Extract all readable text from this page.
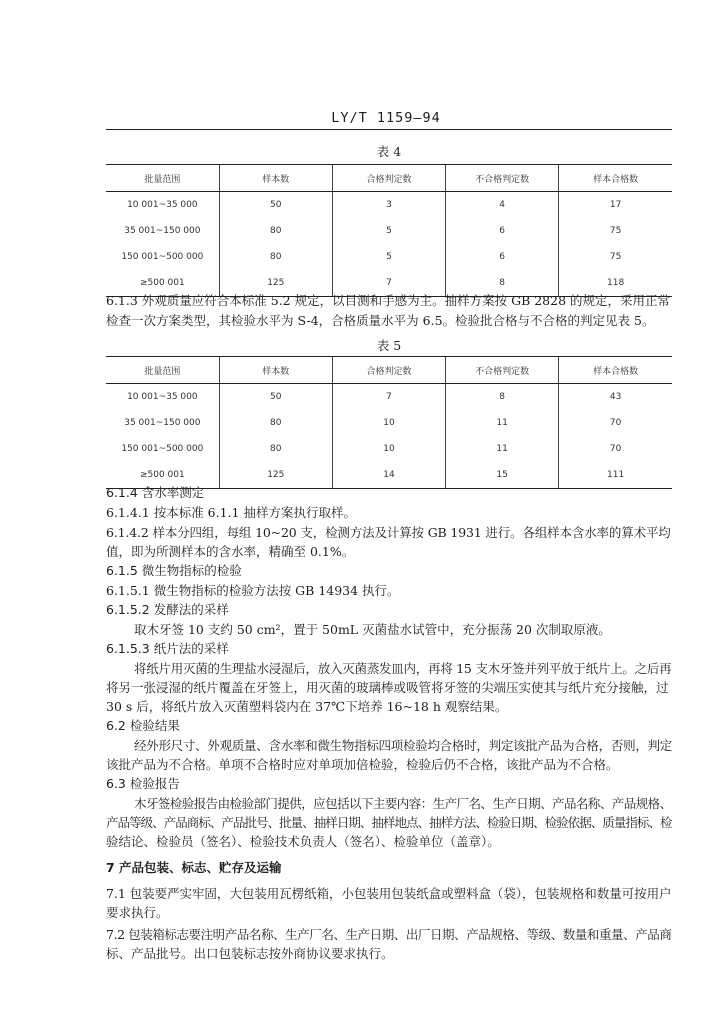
LY/T 1159—94
表 4
批量范围	样本数	合格判定数	不合格判定数	样本合格数
10 001~35 000	50	3	4	17
35 001~150 000	80	5	6	75
150 001~500 000	80	5	6	75
≥500 001	125	7	8	118
6.1.3 外观质量应符合本标准 5.2 规定，以目测和手感为主。抽样方案按 GB 2828 的规定，采用正常
检查一次方案类型，其检验水平为 S-4，合格质量水平为 6.5。检验批合格与不合格的判定见表 5。
表 5
批量范围	样本数	合格判定数	不合格判定数	样本合格数
10 001~35 000	50	7	8	43
35 001~150 000	80	10	11	70
150 001~500 000	80	10	11	70
≥500 001	125	14	15	111
6.1.4 含水率测定
6.1.4.1 按本标准 6.1.1 抽样方案执行取样。
6.1.4.2 样本分四组，每组 10~20 支，检测方法及计算按 GB 1931 进行。各组样本含水率的算术平均
值，即为所测样本的含水率，精确至 0.1%。
6.1.5 微生物指标的检验
6.1.5.1 微生物指标的检验方法按 GB 14934 执行。
6.1.5.2 发酵法的采样
取木牙签 10 支约 50 cm²，置于 50mL 灭菌盐水试管中，充分振荡 20 次制取原液。
6.1.5.3 纸片法的采样
将纸片用灭菌的生理盐水浸湿后，放入灭菌蒸发皿内，再将 15 支木牙签并列平放于纸片上。之后再
将另一张浸湿的纸片覆盖在牙签上，用灭菌的玻璃棒或吸管将牙签的尖端压实使其与纸片充分接触，过
30 s 后，将纸片放入灭菌塑料袋内在 37℃下培养 16~18 h 观察结果。
6.2 检验结果
经外形尺寸、外观质量、含水率和微生物指标四项检验均合格时，判定该批产品为合格，否则，判定
该批产品为不合格。单项不合格时应对单项加倍检验，检验后仍不合格，该批产品为不合格。
6.3 检验报告
木牙签检验报告由检验部门提供，应包括以下主要内容：生产厂名、生产日期、产品名称、产品规格、
产品等级、产品商标、产品批号、批量、抽样日期、抽样地点、抽样方法、检验日期、检验依据、质量指标、检
验结论、检验员（签名）、检验技术负责人（签名）、检验单位（盖章）。
7 产品包装、标志、贮存及运输
7.1 包装要严实牢固，大包装用瓦楞纸箱，小包装用包装纸盒或塑料盒（袋），包装规格和数量可按用户
要求执行。
7.2 包装箱标志要注明产品名称、生产厂名、生产日期、出厂日期、产品规格、等级、数量和重量、产品商
标、产品批号。出口包装标志按外商协议要求执行。
